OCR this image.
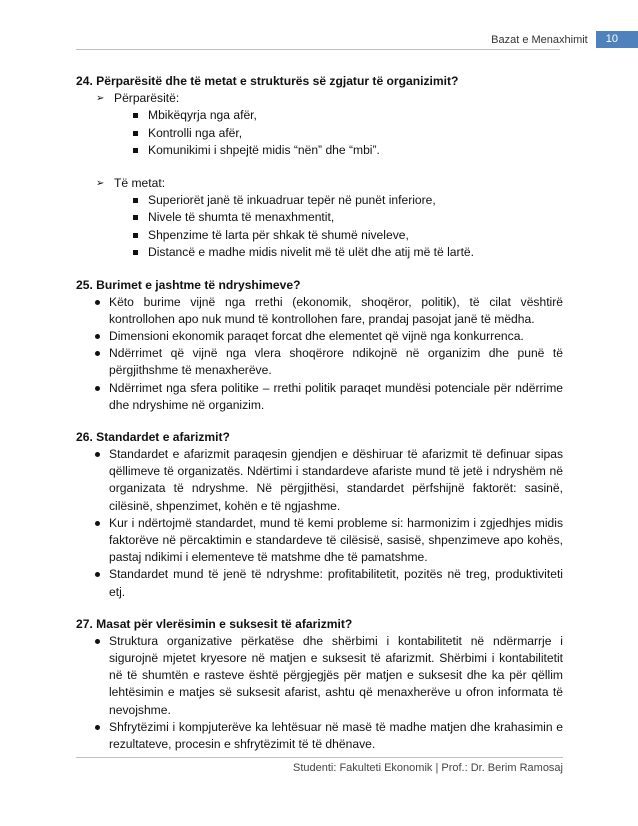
Bazat e Menaxhimit	10

24. Përparësitë dhe të metat e strukturës së zgjatur të organizimit?

➢ Përparësitë:
Mbikëqyrja nga afër,
Kontrolli nga afër,
Komunikimi i shpejtë midis “nën” dhe “mbi”.
➢ Të metat:
Superiorët janë të inkuadruar tepër në punët inferiore,
Nivele të shumta të menaxhmentit,
Shpenzime të larta për shkak të shumë niveleve,
Distancë e madhe midis nivelit më të ulët dhe atij më të lartë.

25. Burimet e jashtme të ndryshimeve?

Këto burime vijnë nga rrethi (ekonomik, shoqëror, politik), të cilat vështirë kontrollohen apo nuk mund të kontrollohen fare, prandaj pasojat janë të mëdha.
Dimensioni ekonomik paraqet forcat dhe elementet që vijnë nga konkurrenca.
Ndërrimet që vijnë nga vlera shoqërore ndikojnë në organizim dhe punë të përgjithshme të menaxherëve.
Ndërrimet nga sfera politike – rrethi politik paraqet mundësi potenciale për ndërrime dhe ndryshime në organizim.

26. Standardet e afarizmit?

Standardet e afarizmit paraqesin gjendjen e dëshiruar të afarizmit të definuar sipas qëllimeve të organizatës. Ndërtimi i standardeve afariste mund të jetë i ndryshëm në organizata të ndryshme. Në përgjithësi, standardet përfshijnë faktorët: sasinë, cilësinë, shpenzimet, kohën e të ngjashme.
Kur i ndërtojmë standardet, mund të kemi probleme si: harmonizim i zgjedhjes midis faktorëve në përcaktimin e standardeve të cilësisë, sasisë, shpenzimeve apo kohës, pastaj ndikimi i elementeve të matshme dhe të pamatshme.
Standardet mund të jenë të ndryshme: profitabilitetit, pozitës në treg, produktiviteti etj.

27. Masat për vlerësimin e suksesit të afarizmit?

Struktura organizative përkatëse dhe shërbimi i kontabilitetit në ndërmarrje i sigurojnë mjetet kryesore në matjen e suksesit të afarizmit. Shërbimi i kontabilitetit në të shumtën e rasteve është përgjegjës për matjen e suksesit dhe ka për qëllim lehtësimin e matjes së suksesit afarist, ashtu që menaxherëve u ofron informata të nevojshme.
Shfrytëzimi i kompjuterëve ka lehtësuar në masë të madhe matjen dhe krahasimin e rezultateve, procesin e shfrytëzimit të të dhënave.
Studenti: Fakulteti Ekonomik | Prof.: Dr. Berim Ramosaj
